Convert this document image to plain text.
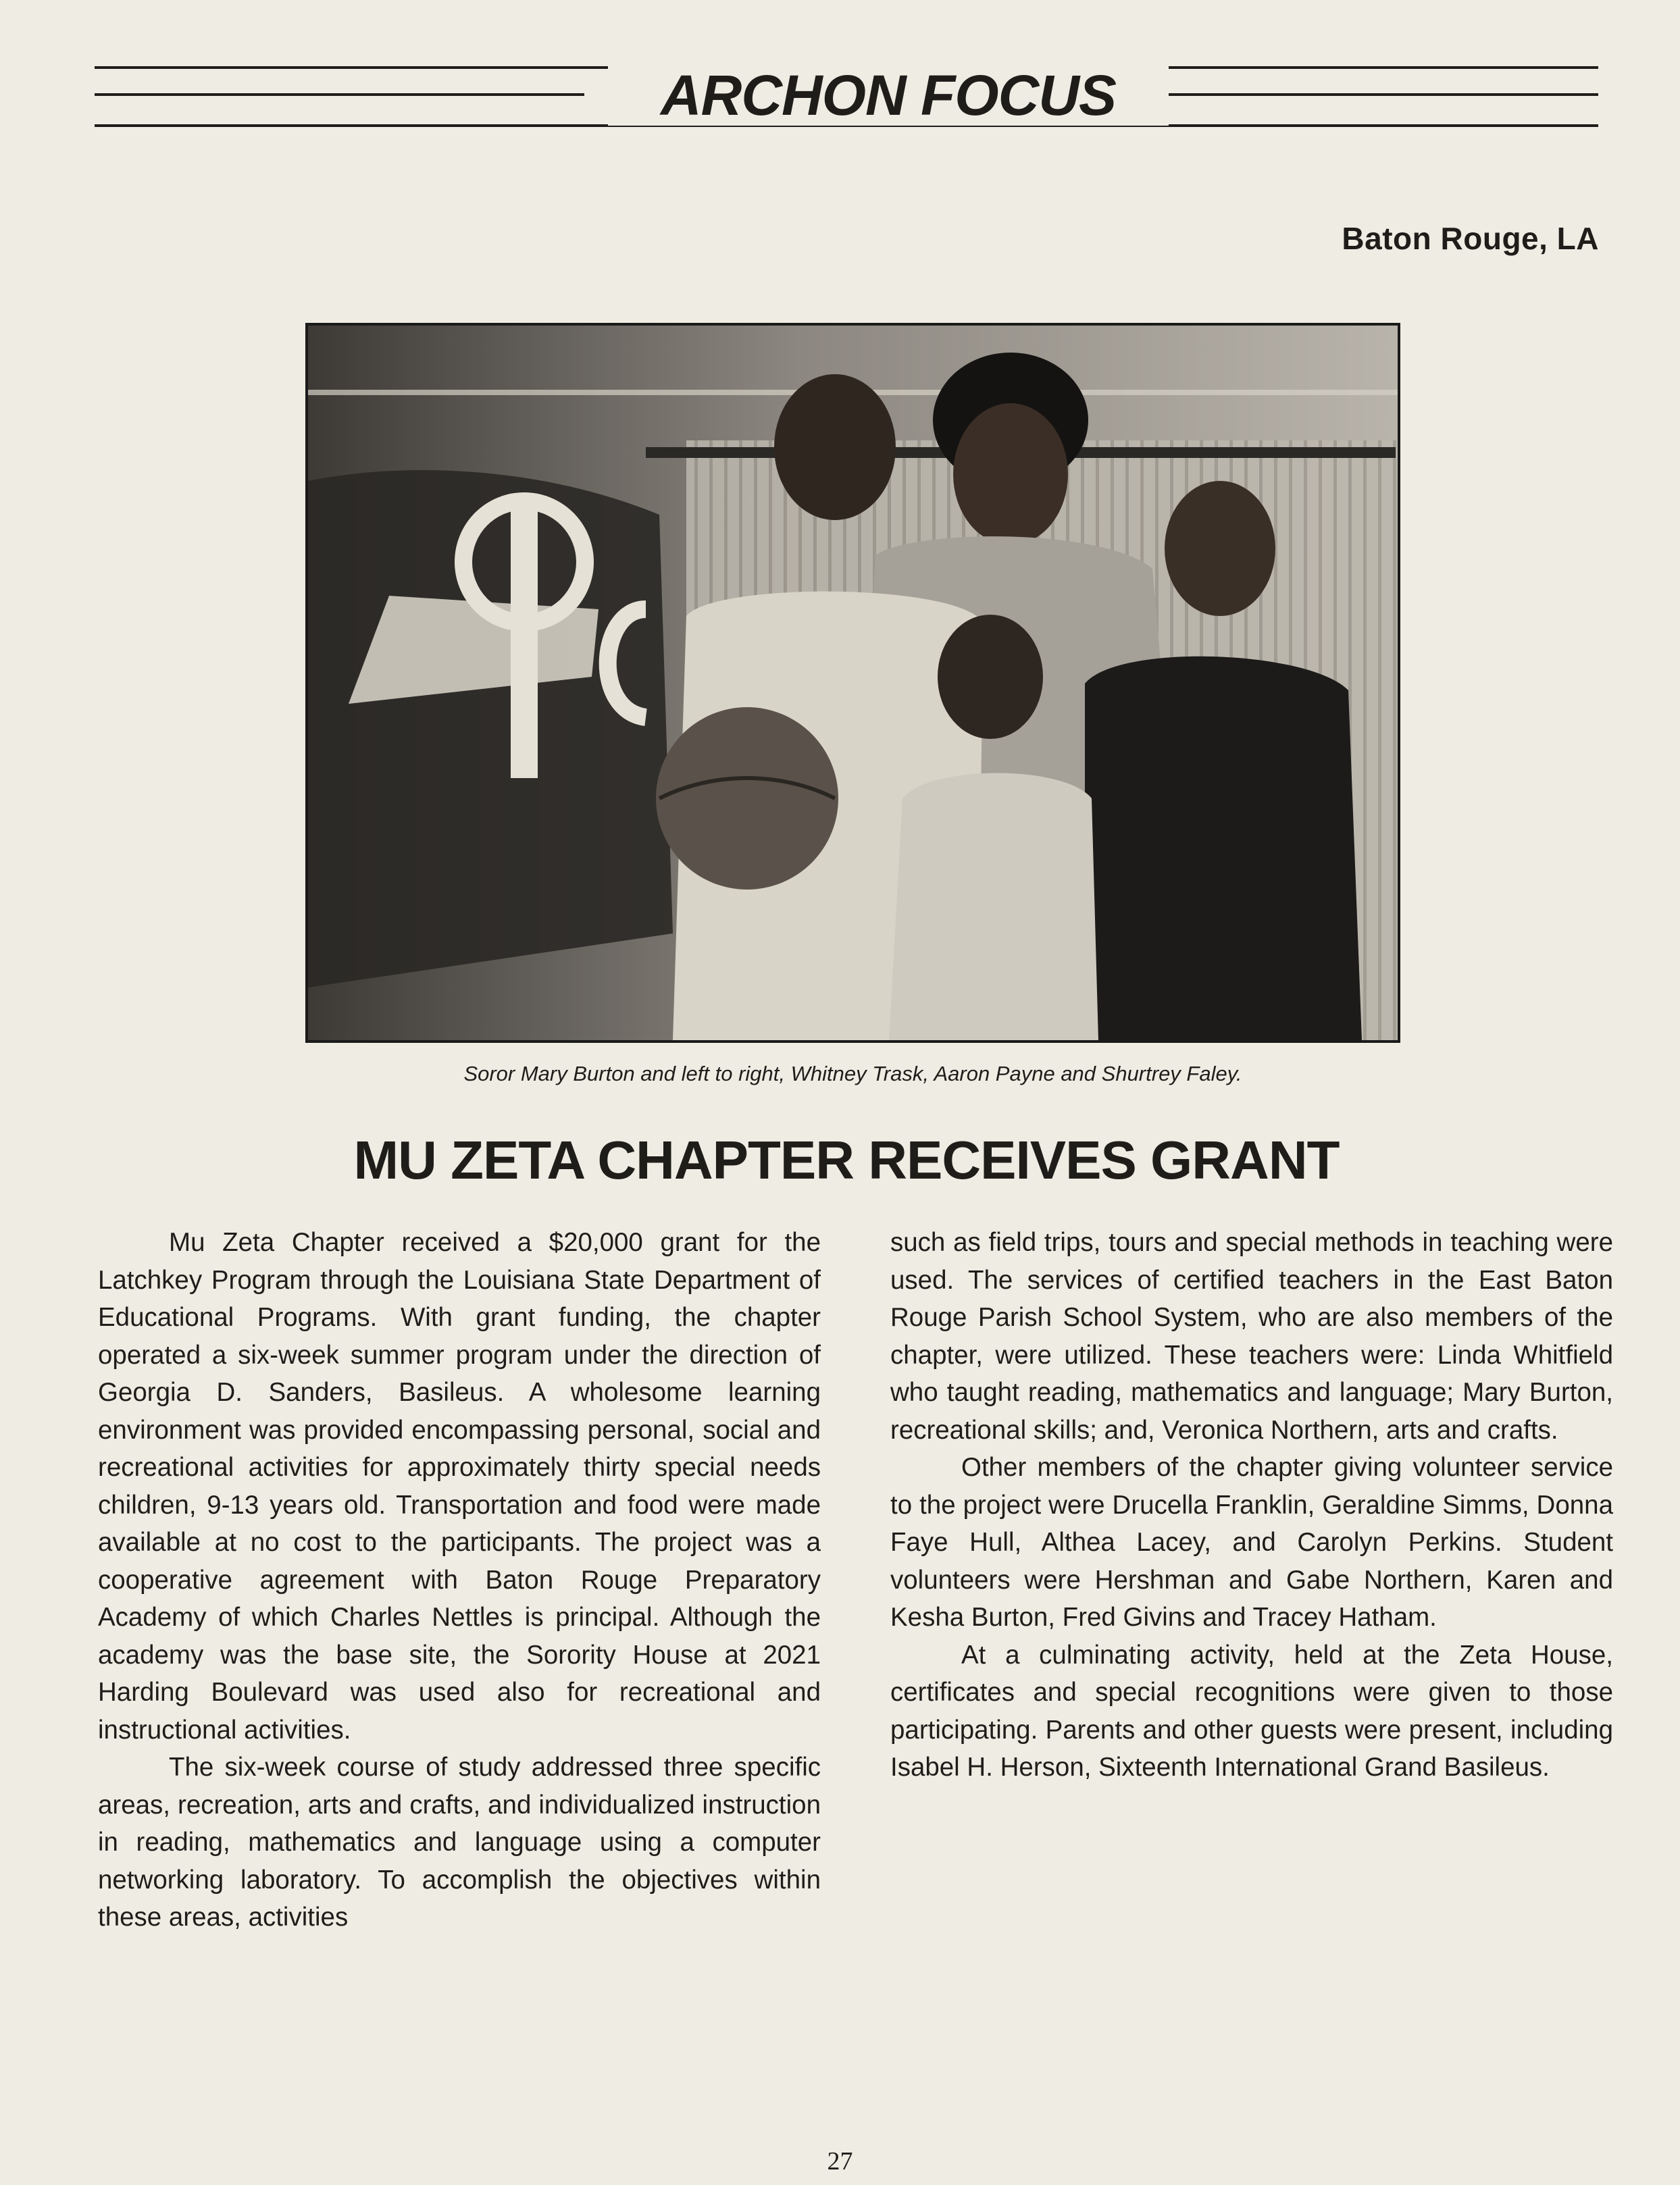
ARCHON FOCUS
Baton Rouge, LA
Soror Mary Burton and left to right, Whitney Trask, Aaron Payne and Shurtrey Faley.
MU ZETA CHAPTER RECEIVES GRANT

Mu Zeta Chapter received a $20,000 grant for the Latchkey Program through the Louisiana State Department of Educational Programs. With grant funding, the chapter operated a six-week summer program under the direction of Georgia D. Sanders, Basileus. A wholesome learning environment was provided encompassing personal, social and recreational activities for approximately thirty special needs children, 9-13 years old. Transportation and food were made available at no cost to the participants. The project was a cooperative agreement with Baton Rouge Preparatory Academy of which Charles Nettles is principal. Although the academy was the base site, the Sorority House at 2021 Harding Boulevard was used also for recreational and instructional activities.

The six-week course of study addressed three specific areas, recreation, arts and crafts, and individualized instruction in reading, mathematics and language using a computer networking laboratory. To accomplish the objectives within these areas, activities

such as field trips, tours and special methods in teaching were used. The services of certified teachers in the East Baton Rouge Parish School System, who are also members of the chapter, were utilized. These teachers were: Linda Whitfield who taught reading, mathematics and language; Mary Burton, recreational skills; and, Veronica Northern, arts and crafts.

Other members of the chapter giving volunteer service to the project were Drucella Franklin, Geraldine Simms, Donna Faye Hull, Althea Lacey, and Carolyn Perkins. Student volunteers were Hershman and Gabe Northern, Karen and Kesha Burton, Fred Givins and Tracey Hatham.

At a culminating activity, held at the Zeta House, certificates and special recognitions were given to those participating. Parents and other guests were present, including Isabel H. Herson, Sixteenth International Grand Basileus.

27
